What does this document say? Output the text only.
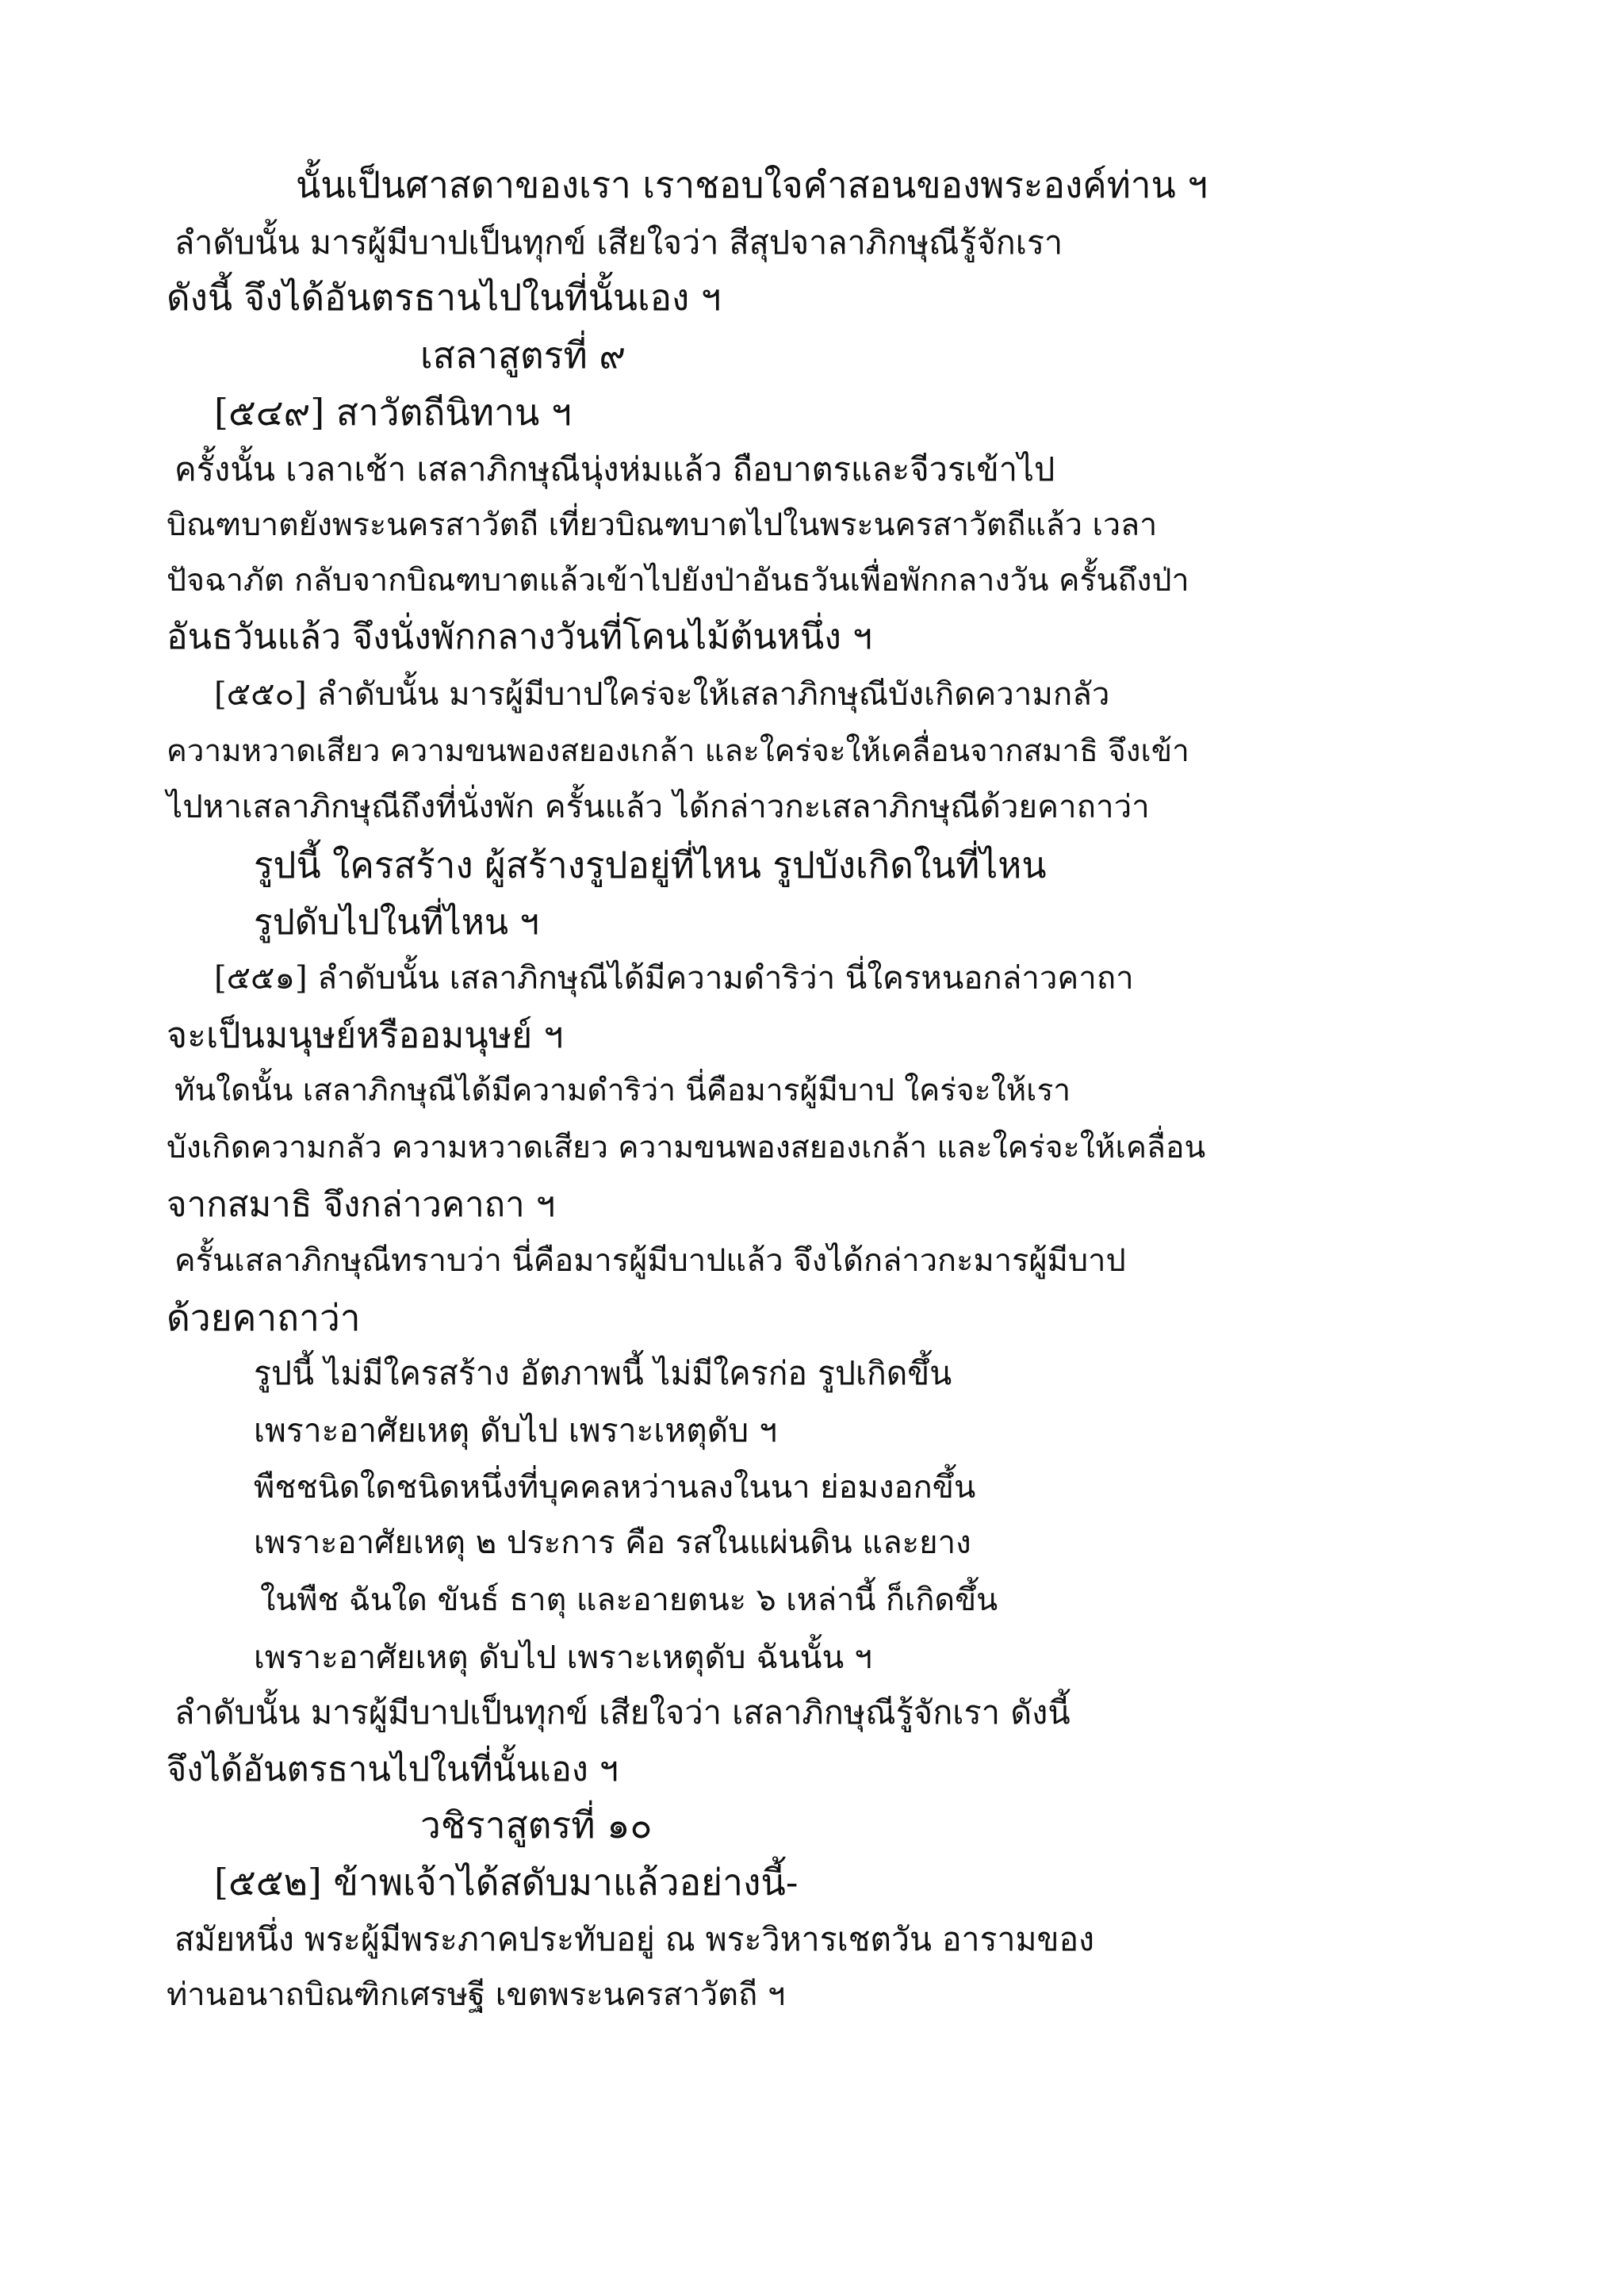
นั้นเป็นศาสดาของเรา เราชอบใจคำสอนของพระองค์ท่าน ฯ

ลำดับนั้น มารผู้มีบาปเป็นทุกข์ เสียใจว่า สีสุปจาลาภิกษุณีรู้จักเรา

ดังนี้ จึงได้อันตรธานไปในที่นั้นเอง ฯ

เสลาสูตรที่ ๙

[๕๔๙] สาวัตถีนิทาน ฯ

ครั้งนั้น เวลาเช้า เสลาภิกษุณีนุ่งห่มแล้ว ถือบาตรและจีวรเข้าไป

บิณฑบาตยังพระนครสาวัตถี เที่ยวบิณฑบาตไปในพระนครสาวัตถีแล้ว เวลา

ปัจฉาภัต กลับจากบิณฑบาตแล้วเข้าไปยังป่าอันธวันเพื่อพักกลางวัน ครั้นถึงป่า

อันธวันแล้ว จึงนั่งพักกลางวันที่โคนไม้ต้นหนึ่ง ฯ

[๕๕๐] ลำดับนั้น มารผู้มีบาปใคร่จะให้เสลาภิกษุณีบังเกิดความกลัว

ความหวาดเสียว ความขนพองสยองเกล้า และใคร่จะให้เคลื่อนจากสมาธิ จึงเข้า

ไปหาเสลาภิกษุณีถึงที่นั่งพัก ครั้นแล้ว ได้กล่าวกะเสลาภิกษุณีด้วยคาถาว่า

รูปนี้ ใครสร้าง ผู้สร้างรูปอยู่ที่ไหน รูปบังเกิดในที่ไหน

รูปดับไปในที่ไหน ฯ

[๕๕๑] ลำดับนั้น เสลาภิกษุณีได้มีความดำริว่า นี่ใครหนอกล่าวคาถา

จะเป็นมนุษย์หรืออมนุษย์ ฯ

ทันใดนั้น เสลาภิกษุณีได้มีความดำริว่า นี่คือมารผู้มีบาป ใคร่จะให้เรา

บังเกิดความกลัว ความหวาดเสียว ความขนพองสยองเกล้า และใคร่จะให้เคลื่อน

จากสมาธิ จึงกล่าวคาถา ฯ

ครั้นเสลาภิกษุณีทราบว่า นี่คือมารผู้มีบาปแล้ว จึงได้กล่าวกะมารผู้มีบาป

ด้วยคาถาว่า

รูปนี้ ไม่มีใครสร้าง อัตภาพนี้ ไม่มีใครก่อ รูปเกิดขึ้น

เพราะอาศัยเหตุ ดับไป เพราะเหตุดับ ฯ

พืชชนิดใดชนิดหนึ่งที่บุคคลหว่านลงในนา ย่อมงอกขึ้น

เพราะอาศัยเหตุ ๒ ประการ คือ รสในแผ่นดิน และยาง

ในพืช ฉันใด ขันธ์ ธาตุ และอายตนะ ๖ เหล่านี้ ก็เกิดขึ้น

เพราะอาศัยเหตุ ดับไป เพราะเหตุดับ ฉันนั้น ฯ

ลำดับนั้น มารผู้มีบาปเป็นทุกข์ เสียใจว่า เสลาภิกษุณีรู้จักเรา ดังนี้

จึงได้อันตรธานไปในที่นั้นเอง ฯ

วชิราสูตรที่ ๑๐

[๕๕๒] ข้าพเจ้าได้สดับมาแล้วอย่างนี้-

สมัยหนึ่ง พระผู้มีพระภาคประทับอยู่ ณ พระวิหารเชตวัน อารามของ

ท่านอนาถบิณฑิกเศรษฐี เขตพระนครสาวัตถี ฯ
